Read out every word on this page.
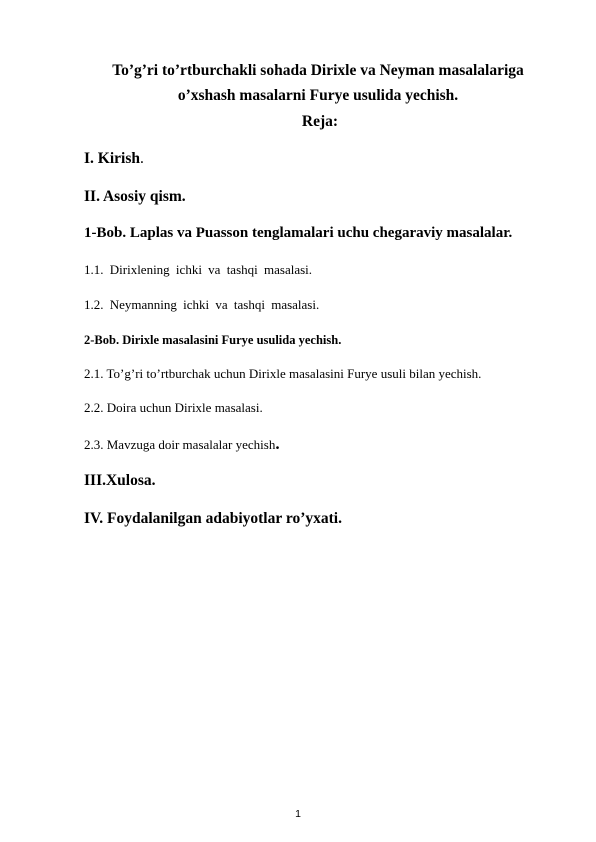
To’g’ri to’rtburchakli sohada Dirixle va Neyman masalalariga
o’xshash masalarni Furye usulida yechish.
Reja:
I. Kirish.
II. Asosiy qism.
1-Bob. Laplas va Puasson tenglamalari uchu chegaraviy masalalar.
1.1. Dirixlening ichki va tashqi masalasi.
1.2. Neymanning ichki va tashqi masalasi.
2-Bob. Dirixle masalasini Furye usulida yechish.
2.1. To’g’ri to’rtburchak uchun Dirixle masalasini Furye usuli bilan yechish.
2.2. Doira uchun Dirixle masalasi.
2.3. Mavzuga doir masalalar yechish.
III.Xulosa.
IV. Foydalanilgan adabiyotlar ro’yxati.
1
